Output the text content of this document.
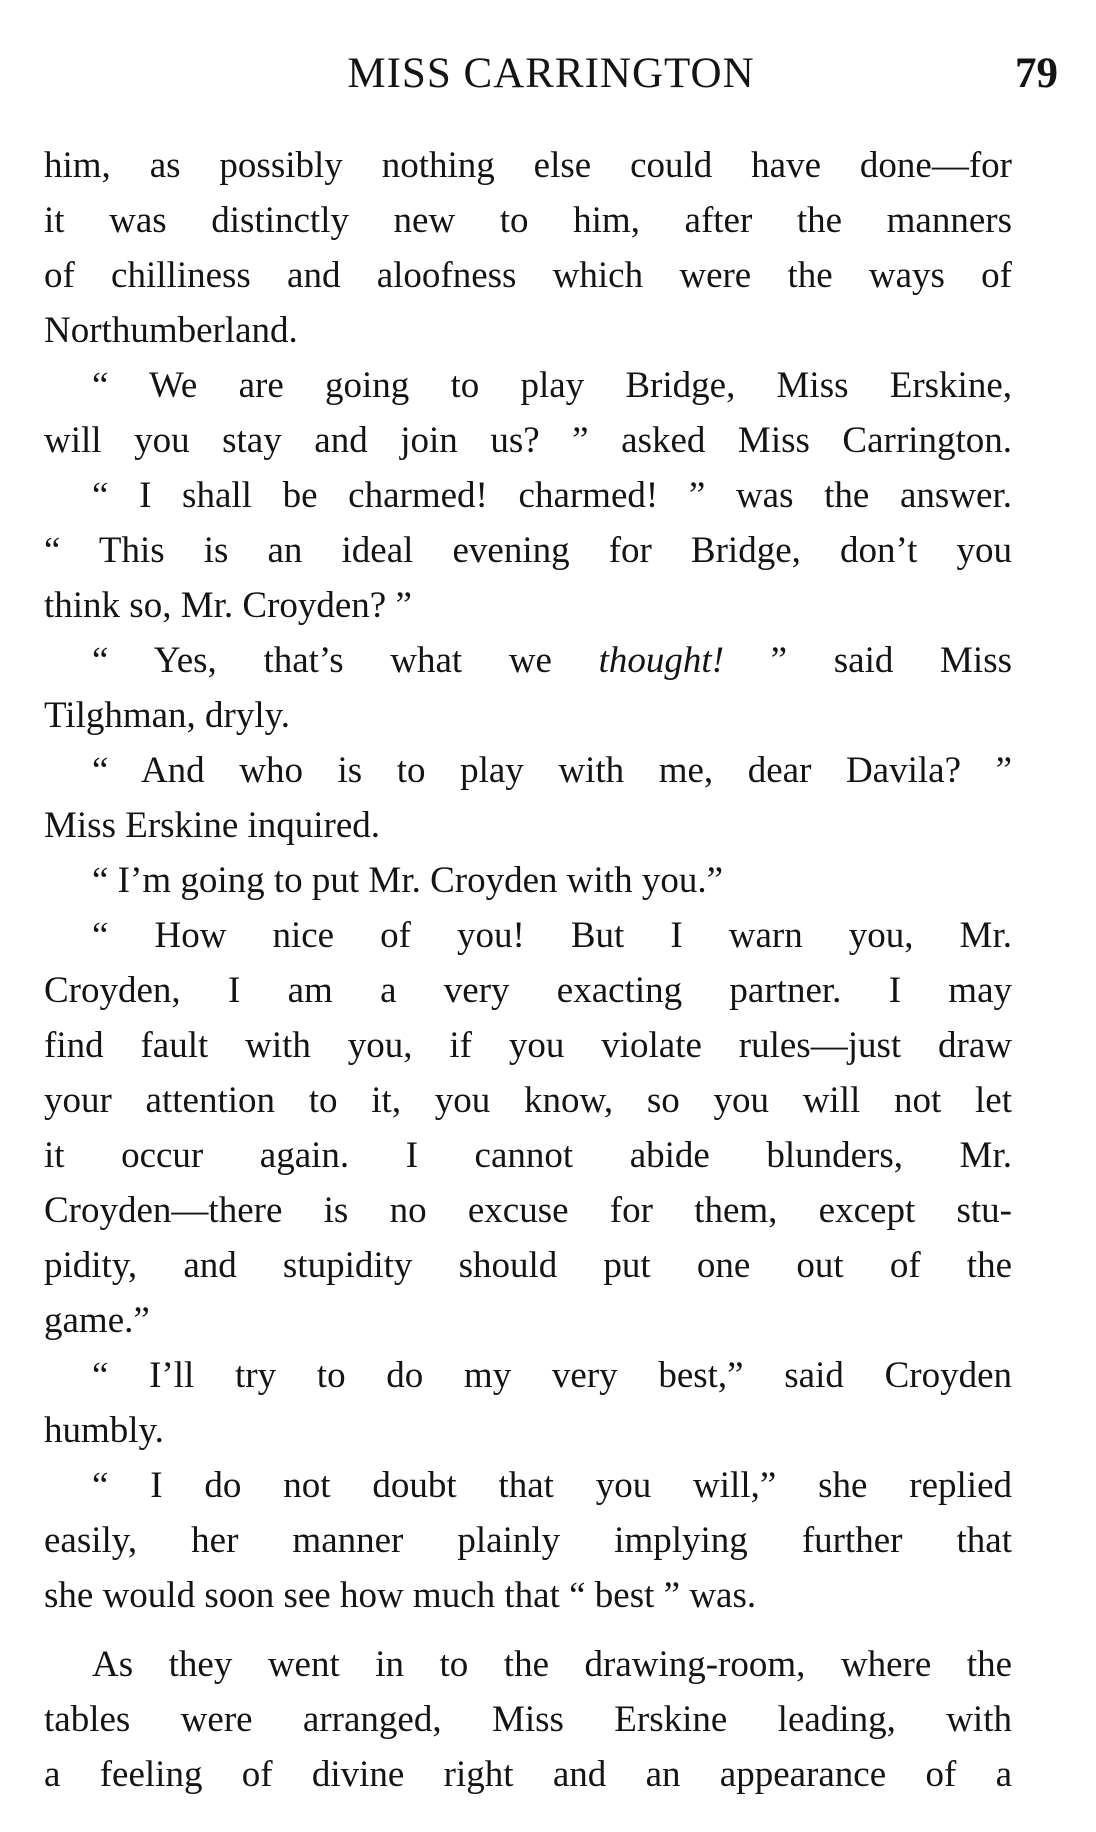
MISS CARRINGTON	79

him, as possibly nothing else could have done—for
it was distinctly new to him, after the manners
of chilliness and aloofness which were the ways of
Northumberland.

“ We are going to play Bridge, Miss Erskine,
will you stay and join us? ” asked Miss Carrington.

“ I shall be charmed! charmed! ” was the answer.
“ This is an ideal evening for Bridge, don’t you
think so, Mr. Croyden? ”

“ Yes, that’s what we thought! ” said Miss
Tilghman, dryly.

“ And who is to play with me, dear Davila? ”
Miss Erskine inquired.

“ I’m going to put Mr. Croyden with you.”

“ How nice of you! But I warn you, Mr.
Croyden, I am a very exacting partner. I may
find fault with you, if you violate rules—just draw
your attention to it, you know, so you will not let
it occur again. I cannot abide blunders, Mr.
Croyden—there is no excuse for them, except stu-
pidity, and stupidity should put one out of the
game.”

“ I’ll try to do my very best,” said Croyden
humbly.

“ I do not doubt that you will,” she replied
easily, her manner plainly implying further that
she would soon see how much that “ best ” was.

As they went in to the drawing-room, where the
tables were arranged, Miss Erskine leading, with
a feeling of divine right and an appearance of a
